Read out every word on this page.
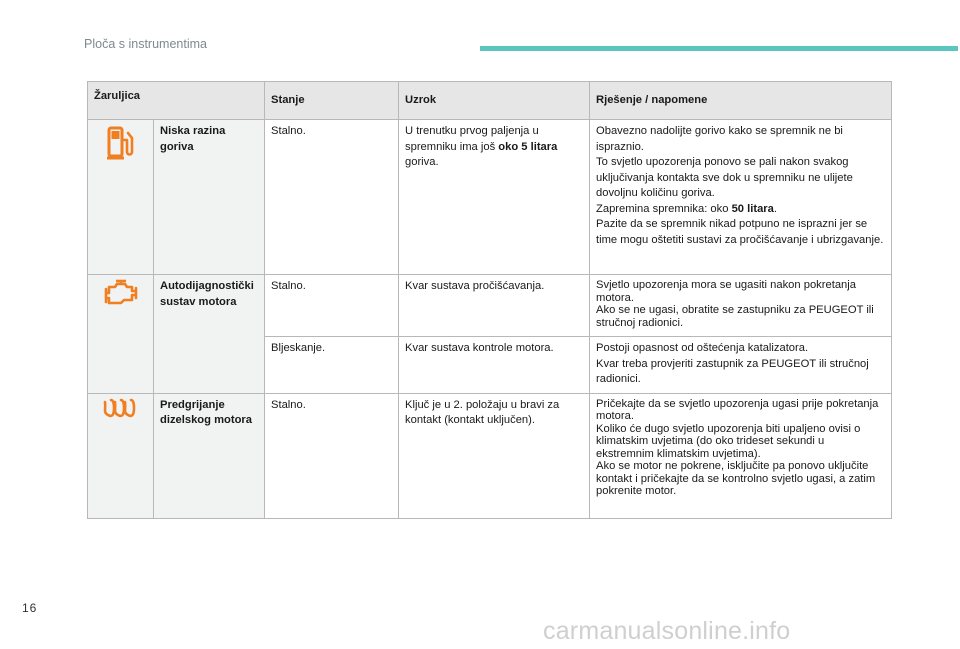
Ploča s instrumentima
Žaruljica		Stanje	Uzrok	Rješenje / napomene

	Niska razina goriva	Stalno.	U trenutku prvog paljenja u spremniku ima još oko 5 litara goriva.	Obavezno nadolijte gorivo kako se spremnik ne bi ispraznio.
To svjetlo upozorenja ponovo se pali nakon svakog uključivanja kontakta sve dok u spremniku ne ulijete dovoljnu količinu goriva.
Zapremina spremnika: oko 50 litara.
Pazite da se spremnik nikad potpuno ne isprazni jer se time mogu oštetiti sustavi za pročišćavanje i ubrizgavanje.

	Autodijagnostički sustav motora	Stalno.	Kvar sustava pročišćavanja.	Svjetlo upozorenja mora se ugasiti nakon pokretanja motora.
Ako se ne ugasi, obratite se zastupniku za PEUGEOT ili stručnoj radionici.

		Bljeskanje.	Kvar sustava kontrole motora.	Postoji opasnost od oštećenja katalizatora.
Kvar treba provjeriti zastupnik za PEUGEOT ili stručnoj radionici.

	Predgrijanje dizelskog motora	Stalno.	Ključ je u 2. položaju u bravi za kontakt (kontakt uključen).	Pričekajte da se svjetlo upozorenja ugasi prije pokretanja motora.
Koliko će dugo svjetlo upozorenja biti upaljeno ovisi o klimatskim uvjetima (do oko trideset sekundi u ekstremnim klimatskim uvjetima).
Ako se motor ne pokrene, isključite pa ponovo uključite kontakt i pričekajte da se kontrolno svjetlo ugasi, a zatim pokrenite motor.
16
carmanualsonline.info
